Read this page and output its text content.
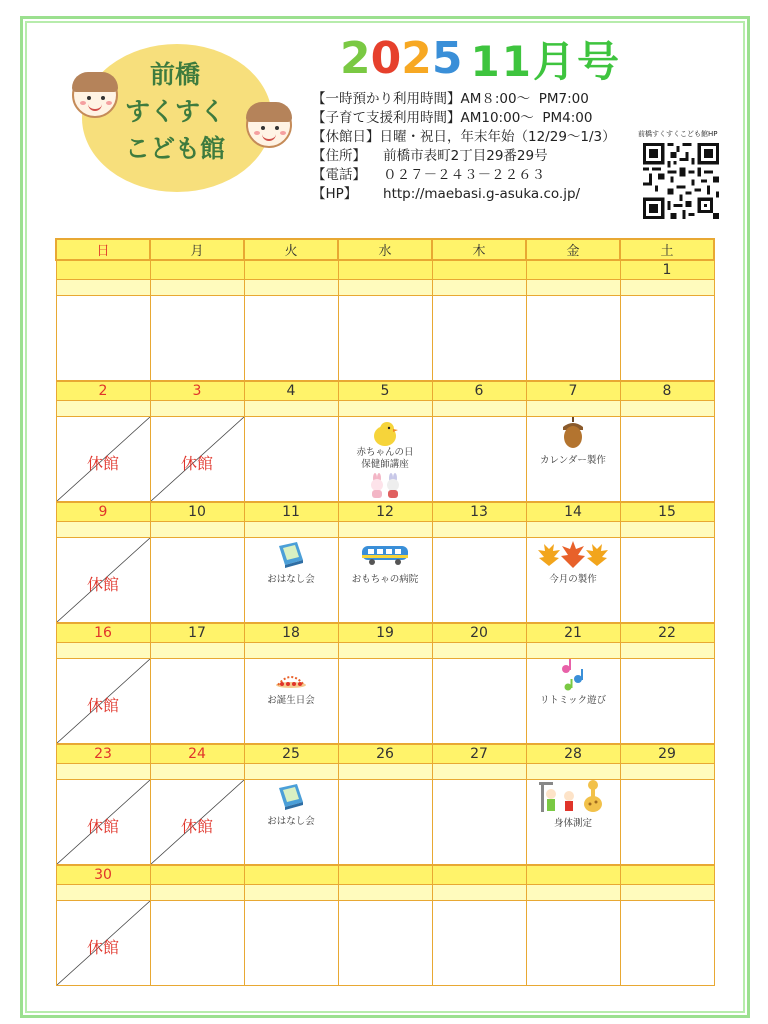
前橋
すくすく
こども館
2 0 2 5 11月号
【一時預かり利用時間】AM８:00～  PM7:00
【子育て支援利用時間】AM10:00～  PM4:00
【休館日】日曜・祝日，年末年始（12/29～1/3）
【住所】    前橋市表町2丁目29番29号
【電話】    ０２７－２４３－２２６３
【HP】      http://maebasi.g-asuka.co.jp/
前橋すくすくこども館HP
日	月	火	水	木	金	土
						1

2	3	4	5	6	7	8

休館	休館		赤ちゃんの日
保健師講座		カレンダー製作	

9	10	11	12	13	14	15

休館		おはなし会	おもちゃの病院		今月の製作	

16	17	18	19	20	21	22

休館		お誕生日会			リトミック遊び	

23	24	25	26	27	28	29

休館	休館	おはなし会			身体測定	

30						

休館						
